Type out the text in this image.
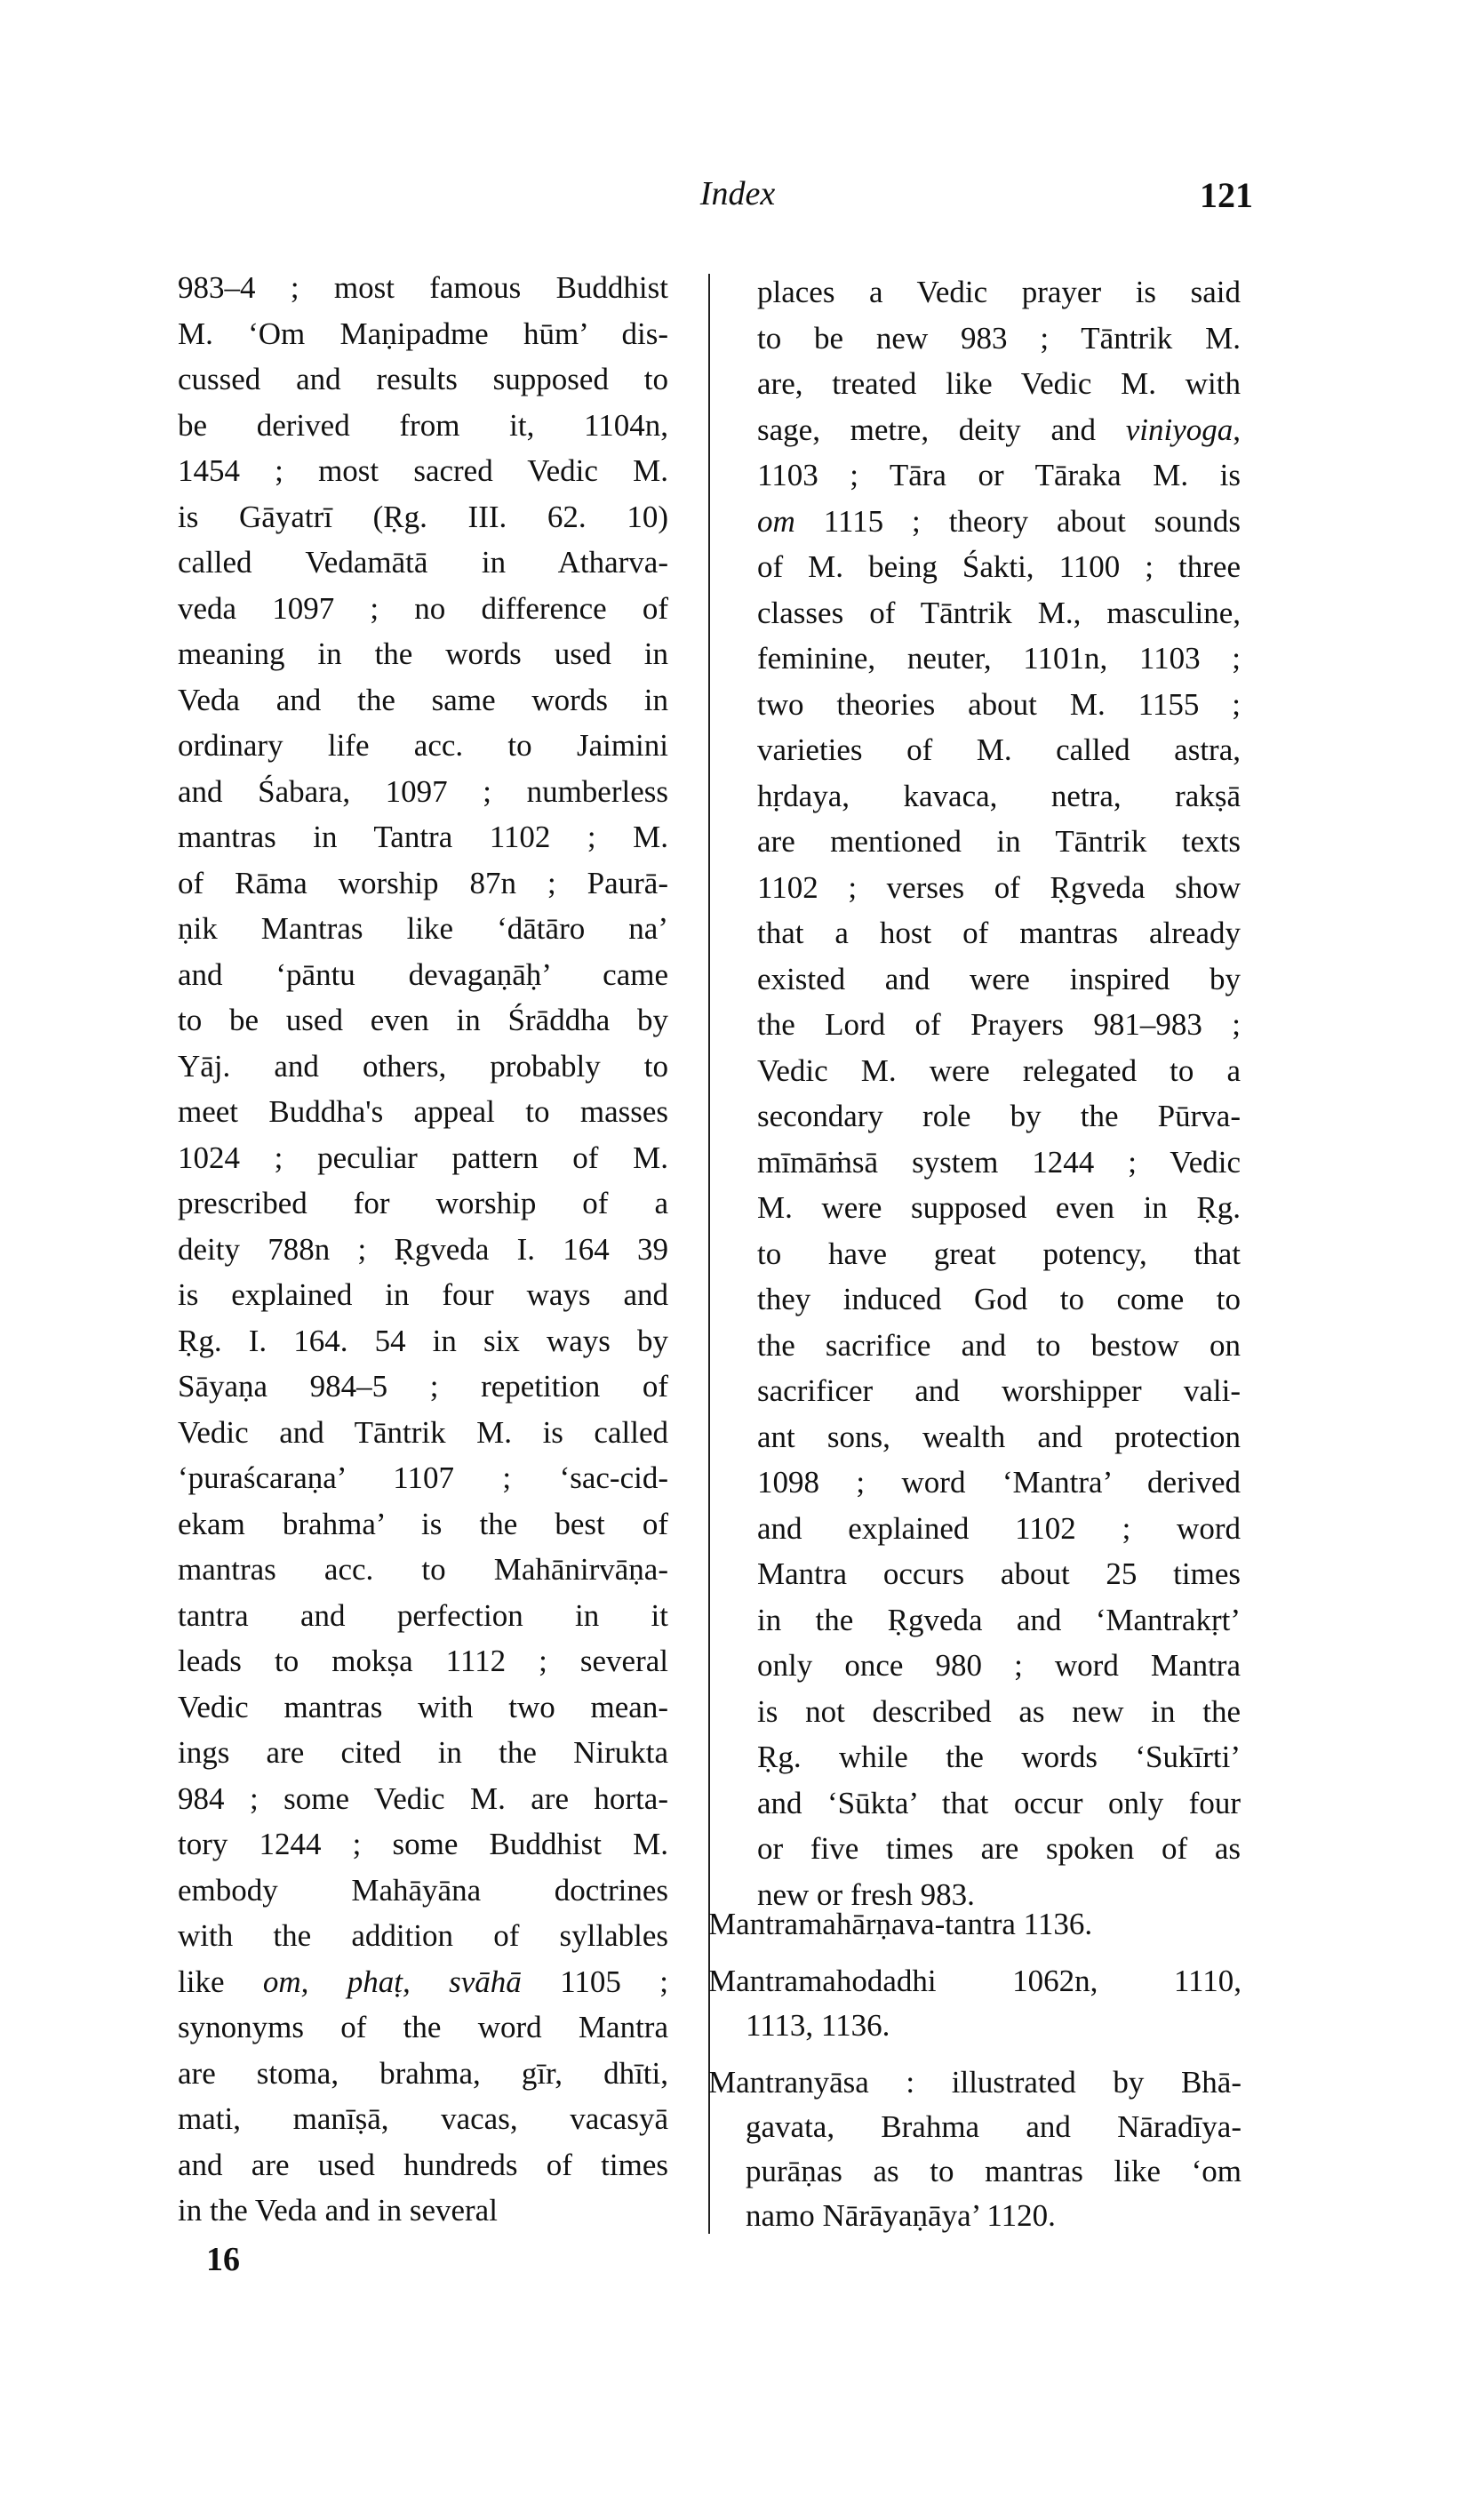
Index	121
983–4 ; most famous Buddhist
M. ‘Om Maṇipadme hūm’ dis-
cussed and results supposed to
be derived from it, 1104n,
1454 ; most sacred Vedic M.
is Gāyatrī (Ṛg. III. 62. 10)
called Vedamātā in Atharva-
veda 1097 ; no difference of
meaning in the words used in
Veda and the same words in
ordinary life acc. to Jaimini
and Śabara, 1097 ; numberless
mantras in Tantra 1102 ; M.
of Rāma worship 87n ; Paurā-
ṇik Mantras like ‘dātāro na’
and ‘pāntu devagaṇāḥ’ came
to be used even in Śrāddha by
Yāj. and others, probably to
meet Buddha's appeal to masses
1024 ; peculiar pattern of M.
prescribed for worship of a
deity 788n ; Ṛgveda I. 164 39
is explained in four ways and
Ṛg. I. 164. 54 in six ways by
Sāyaṇa 984–5 ; repetition of
Vedic and Tāntrik M. is called
‘puraścaraṇa’ 1107 ; ‘sac-cid-
ekam brahma’ is the best of
mantras acc. to Mahānirvāṇa-
tantra and perfection in it
leads to mokṣa 1112 ; several
Vedic mantras with two mean-
ings are cited in the Nirukta
984 ; some Vedic M. are horta-
tory 1244 ; some Buddhist M.
embody Mahāyāna doctrines
with the addition of syllables
like om, phaṭ, svāhā 1105 ;
synonyms of the word Mantra
are stoma, brahma, gīr, dhīti,
mati, manīṣā, vacas, vacasyā
and are used hundreds of times
in the Veda and in several
places a Vedic prayer is said
to be new 983 ; Tāntrik M.
are, treated like Vedic M. with
sage, metre, deity and viniyoga,
1103 ; Tāra or Tāraka M. is
om 1115 ; theory about sounds
of M. being Śakti, 1100 ; three
classes of Tāntrik M., masculine,
feminine, neuter, 1101n, 1103 ;
two theories about M. 1155 ;
varieties of M. called astra,
hṛdaya, kavaca, netra, rakṣā
are mentioned in Tāntrik texts
1102 ; verses of Ṛgveda show
that a host of mantras already
existed and were inspired by
the Lord of Prayers 981–983 ;
Vedic M. were relegated to a
secondary role by the Pūrva-
mīmāṁsā system 1244 ; Vedic
M. were supposed even in Ṛg.
to have great potency, that
they induced God to come to
the sacrifice and to bestow on
sacrificer and worshipper vali-
ant sons, wealth and protection
1098 ; word ‘Mantra’ derived
and explained 1102 ; word
Mantra occurs about 25 times
in the Ṛgveda and ‘Mantrakṛt’
only once 980 ; word Mantra
is not described as new in the
Ṛg. while the words ‘Sukīrti’
and ‘Sūkta’ that occur only four
or five times are spoken of as
new or fresh 983.
Mantramahārṇava-tantra 1136.
Mantramahodadhi 1062n, 1110,
1113, 1136.
Mantranyāsa : illustrated by Bhā-
gavata, Brahma and Nāradīya-
purāṇas as to mantras like ‘om
namo Nārāyaṇāya’ 1120.
16
